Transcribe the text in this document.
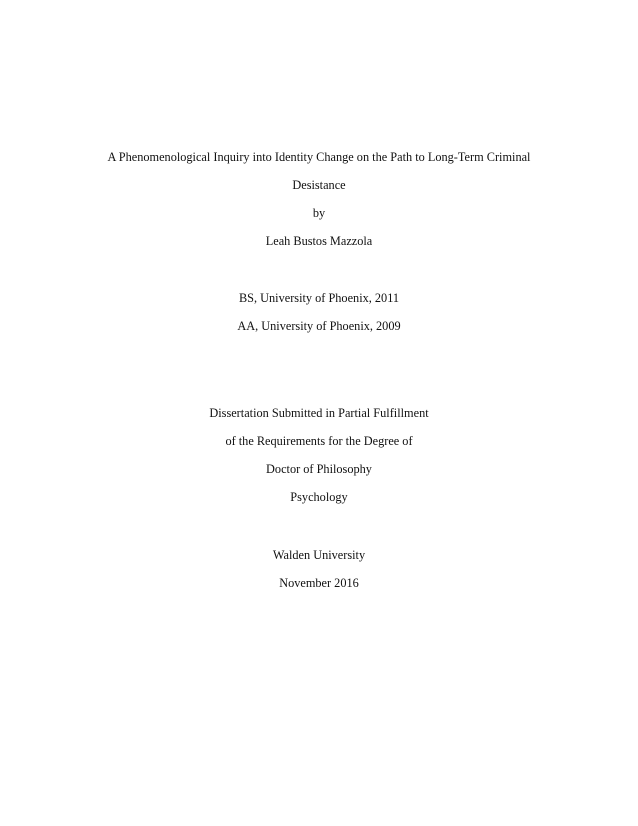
A Phenomenological Inquiry into Identity Change on the Path to Long-Term Criminal
Desistance
by
Leah Bustos Mazzola
BS, University of Phoenix, 2011
AA, University of Phoenix, 2009
Dissertation Submitted in Partial Fulfillment
of the Requirements for the Degree of
Doctor of Philosophy
Psychology
Walden University
November 2016
